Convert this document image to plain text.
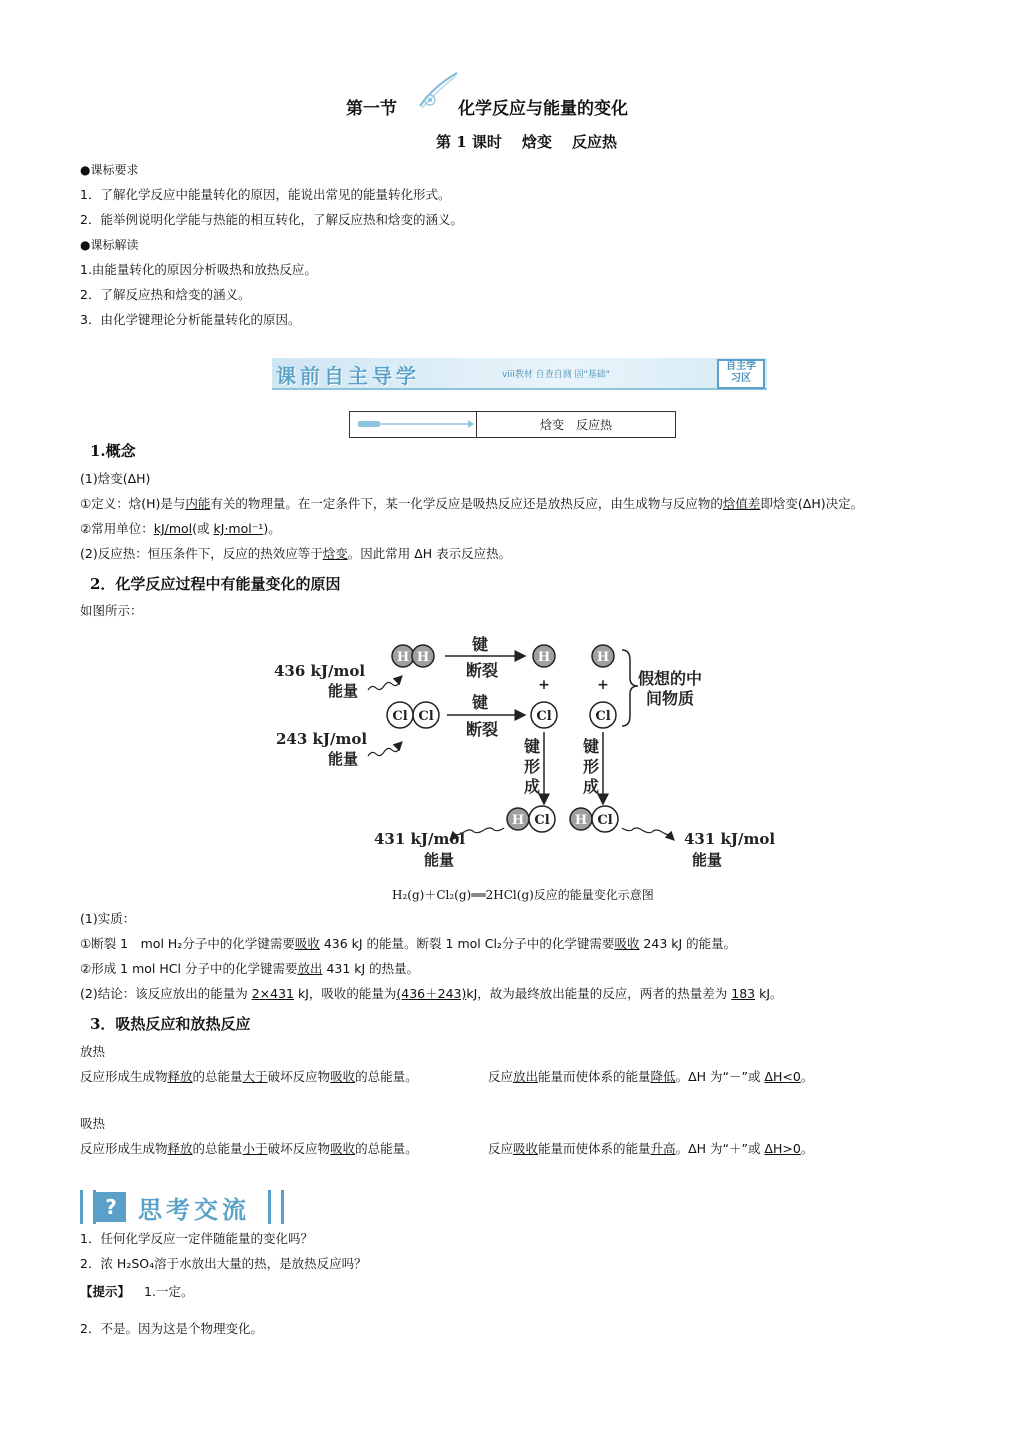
第一节	化学反应与能量的变化
第 1 课时 焓变 反应热
●课标要求
1．了解化学反应中能量转化的原因，能说出常见的能量转化形式。
2．能举例说明化学能与热能的相互转化，了解反应热和焓变的涵义。
●课标解读
1.由能量转化的原因分析吸热和放热反应。
2．了解反应热和焓变的涵义。
3．由化学键理论分析能量转化的原因。
课前自主导学	viii教材 自查自测 固"基础"
自主学
习区
焓变　反应热
1.概念
(1)焓变(ΔH)
①定义：焓(H)是与内能有关的物理量。在一定条件下，某一化学反应是吸热反应还是放热反应，由生成物与反应物的焓值差即焓变(ΔH)决定。
②常用单位：kJ/mol(或 kJ·mol⁻¹)。
(2)反应热：恒压条件下，反应的热效应等于焓变。因此常用 ΔH 表示反应热。
2．化学反应过程中有能量变化的原因
如图所示：
H H
键
断裂
H	H
+	+
Cl Cl
键
断裂
Cl	Cl
假想的中
间物质
436 kJ/mol
能量
243 kJ/mol
能量
键
形
成
键
形
成
H Cl H Cl
431 kJ/mol
能量
431 kJ/mol
能量
H₂(g)＋Cl₂(g)══2HCl(g)反应的能量变化示意图
(1)实质：
①断裂 1　mol H₂分子中的化学键需要吸收 436 kJ 的能量。断裂 1 mol Cl₂分子中的化学键需要吸收 243 kJ 的能量。
②形成 1 mol HCl 分子中的化学键需要放出 431 kJ 的热量。
(2)结论：该反应放出的能量为 2×431 kJ，吸收的能量为(436＋243)kJ，故为最终放出能量的反应，两者的热量差为 183 kJ。
3．吸热反应和放热反应
放热
反应形成生成物释放的总能量大于破坏反应物吸收的总能量。	反应放出能量而使体系的能量降低。ΔH 为“－”或 ΔH<0。
吸热
反应形成生成物释放的总能量小于破坏反应物吸收的总能量。	反应吸收能量而使体系的能量升高。ΔH 为“＋”或 ΔH>0。
? 思考交流
1．任何化学反应一定伴随能量的变化吗？
2．浓 H₂SO₄溶于水放出大量的热，是放热反应吗？
【提示】 1.一定。
2．不是。因为这是个物理变化。
